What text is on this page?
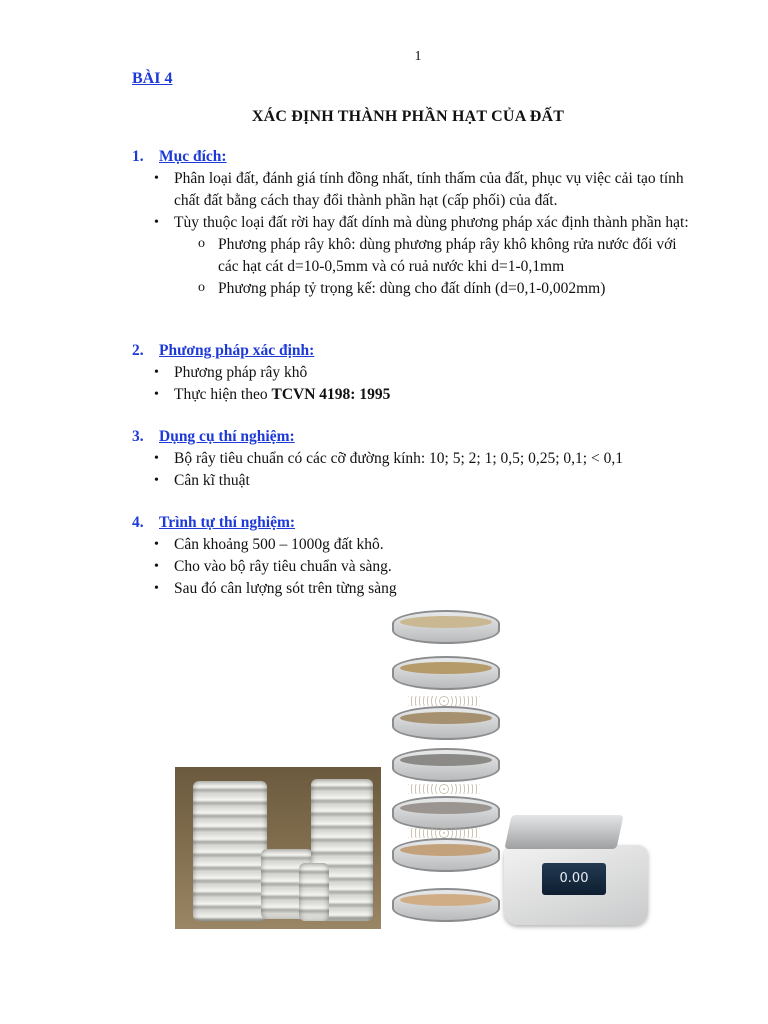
1
BÀI 4
XÁC ĐỊNH THÀNH PHẦN HẠT CỦA ĐẤT
1. Mục đích:
• Phân loại đất, đánh giá tính đồng nhất, tính thấm của đất, phục vụ việc cải tạo tính chất đất bằng cách thay đổi thành phần hạt (cấp phối) của đất.
• Tùy thuộc loại đất rời hay đất dính mà dùng phương pháp xác định thành phần hạt:
o Phương pháp rây khô: dùng phương pháp rây khô không rửa nước đối với các hạt cát d=10-0,5mm và có ruả nước khi d=1-0,1mm
o Phương pháp tỷ trọng kế: dùng cho đất dính (d=0,1-0,002mm)
2. Phương pháp xác định:
• Phương pháp rây khô
• Thực hiện theo TCVN 4198: 1995
3. Dụng cụ thí nghiệm:
• Bộ rây tiêu chuẩn có các cỡ đường kính: 10; 5; 2; 1; 0,5; 0,25; 0,1; < 0,1
• Cân kĩ thuật
4. Trình tự thí nghiệm:
• Cân khoảng 500 – 1000g đất khô.
• Cho vào bộ rây tiêu chuẩn và sàng.
• Sau đó cân lượng sót trên từng sàng
0.00
